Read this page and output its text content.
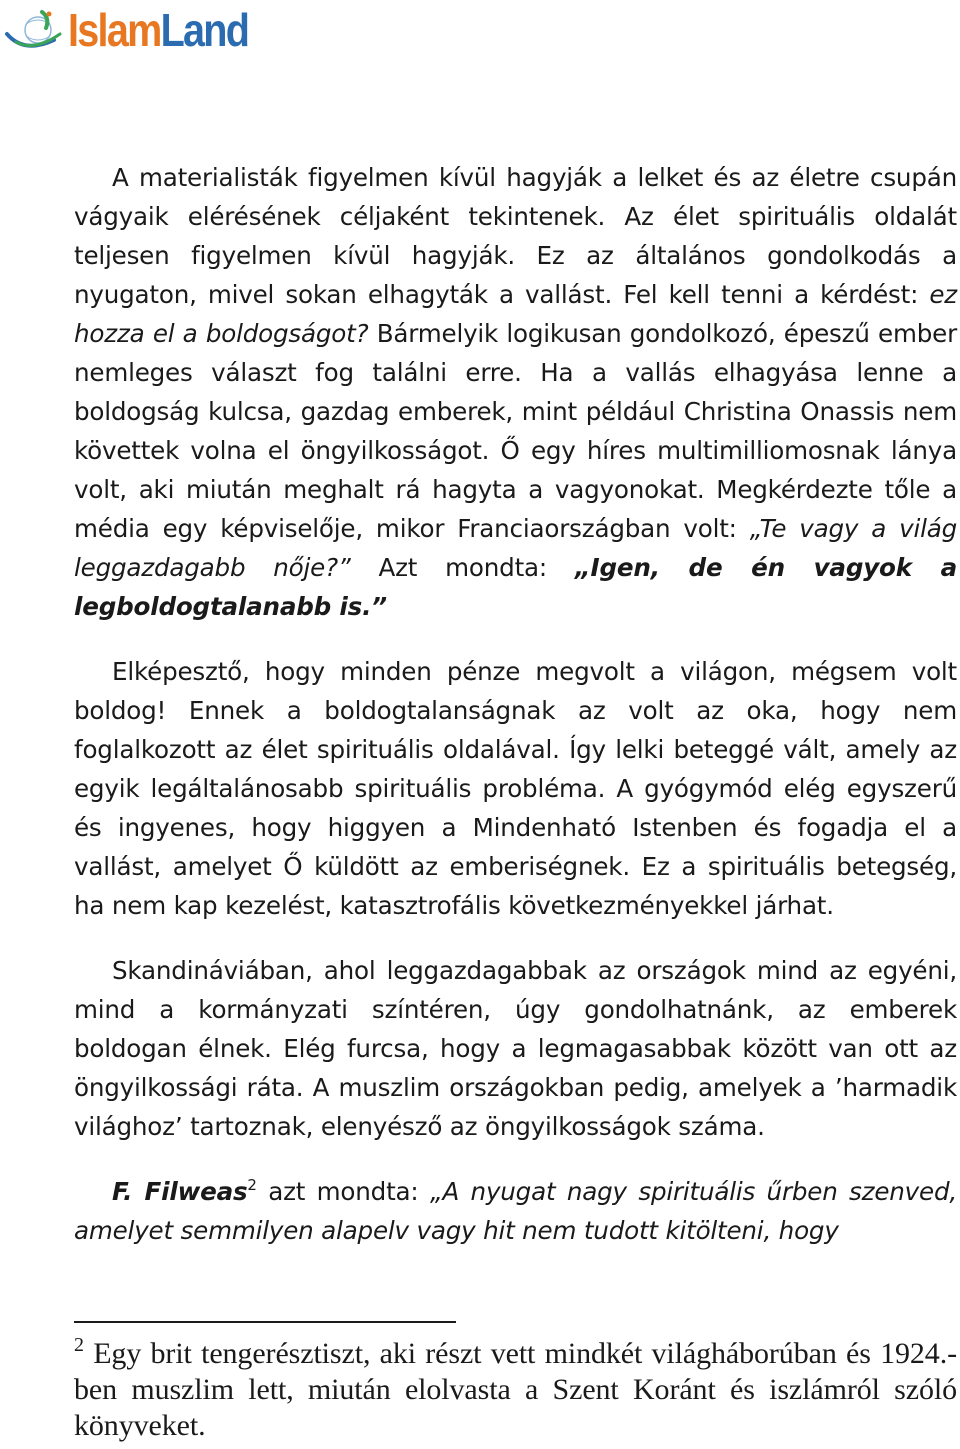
IslamLand

A materialisták figyelmen kívül hagyják a lelket és az életre csupán vágyaik elérésének céljaként tekintenek. Az élet spirituális oldalát teljesen figyelmen kívül hagyják. Ez az általános gondolkodás a nyugaton, mivel sokan elhagyták a vallást. Fel kell tenni a kérdést: ez hozza el a boldogságot? Bármelyik logikusan gondolkozó, épeszű ember nemleges választ fog találni erre. Ha a vallás elhagyása lenne a boldogság kulcsa, gazdag emberek, mint például Christina Onassis nem követtek volna el öngyilkosságot. Ő egy híres multimilliomosnak lánya volt, aki miután meghalt rá hagyta a vagyonokat. Megkérdezte tőle a média egy képviselője, mikor Franciaországban volt: „Te vagy a világ leggazdagabb nője?” Azt mondta: „Igen, de én vagyok a legboldogtalanabb is.”

Elképesztő, hogy minden pénze megvolt a világon, mégsem volt boldog! Ennek a boldogtalanságnak az volt az oka, hogy nem foglalkozott az élet spirituális oldalával. Így lelki beteggé vált, amely az egyik legáltalánosabb spirituális probléma. A gyógymód elég egyszerű és ingyenes, hogy higgyen a Mindenható Istenben és fogadja el a vallást, amelyet Ő küldött az emberiségnek. Ez a spirituális betegség, ha nem kap kezelést, katasztrofális következményekkel járhat.

Skandináviában, ahol leggazdagabbak az országok mind az egyéni, mind a kormányzati színtéren, úgy gondolhatnánk, az emberek boldogan élnek. Elég furcsa, hogy a legmagasabbak között van ott az öngyilkossági ráta. A muszlim országokban pedig, amelyek a ’harmadik világhoz’ tartoznak, elenyésző az öngyilkosságok száma.

F. Filweas$^2$ azt mondta: „A nyugat nagy spirituális űrben szenved, amelyet semmilyen alapelv vagy hit nem tudott kitölteni, hogy

$^2$ Egy brit tengerésztiszt, aki részt vett mindkét világháborúban és 1924.-ben muszlim lett, miután elolvasta a Szent Koránt és iszlámról szóló könyveket.
